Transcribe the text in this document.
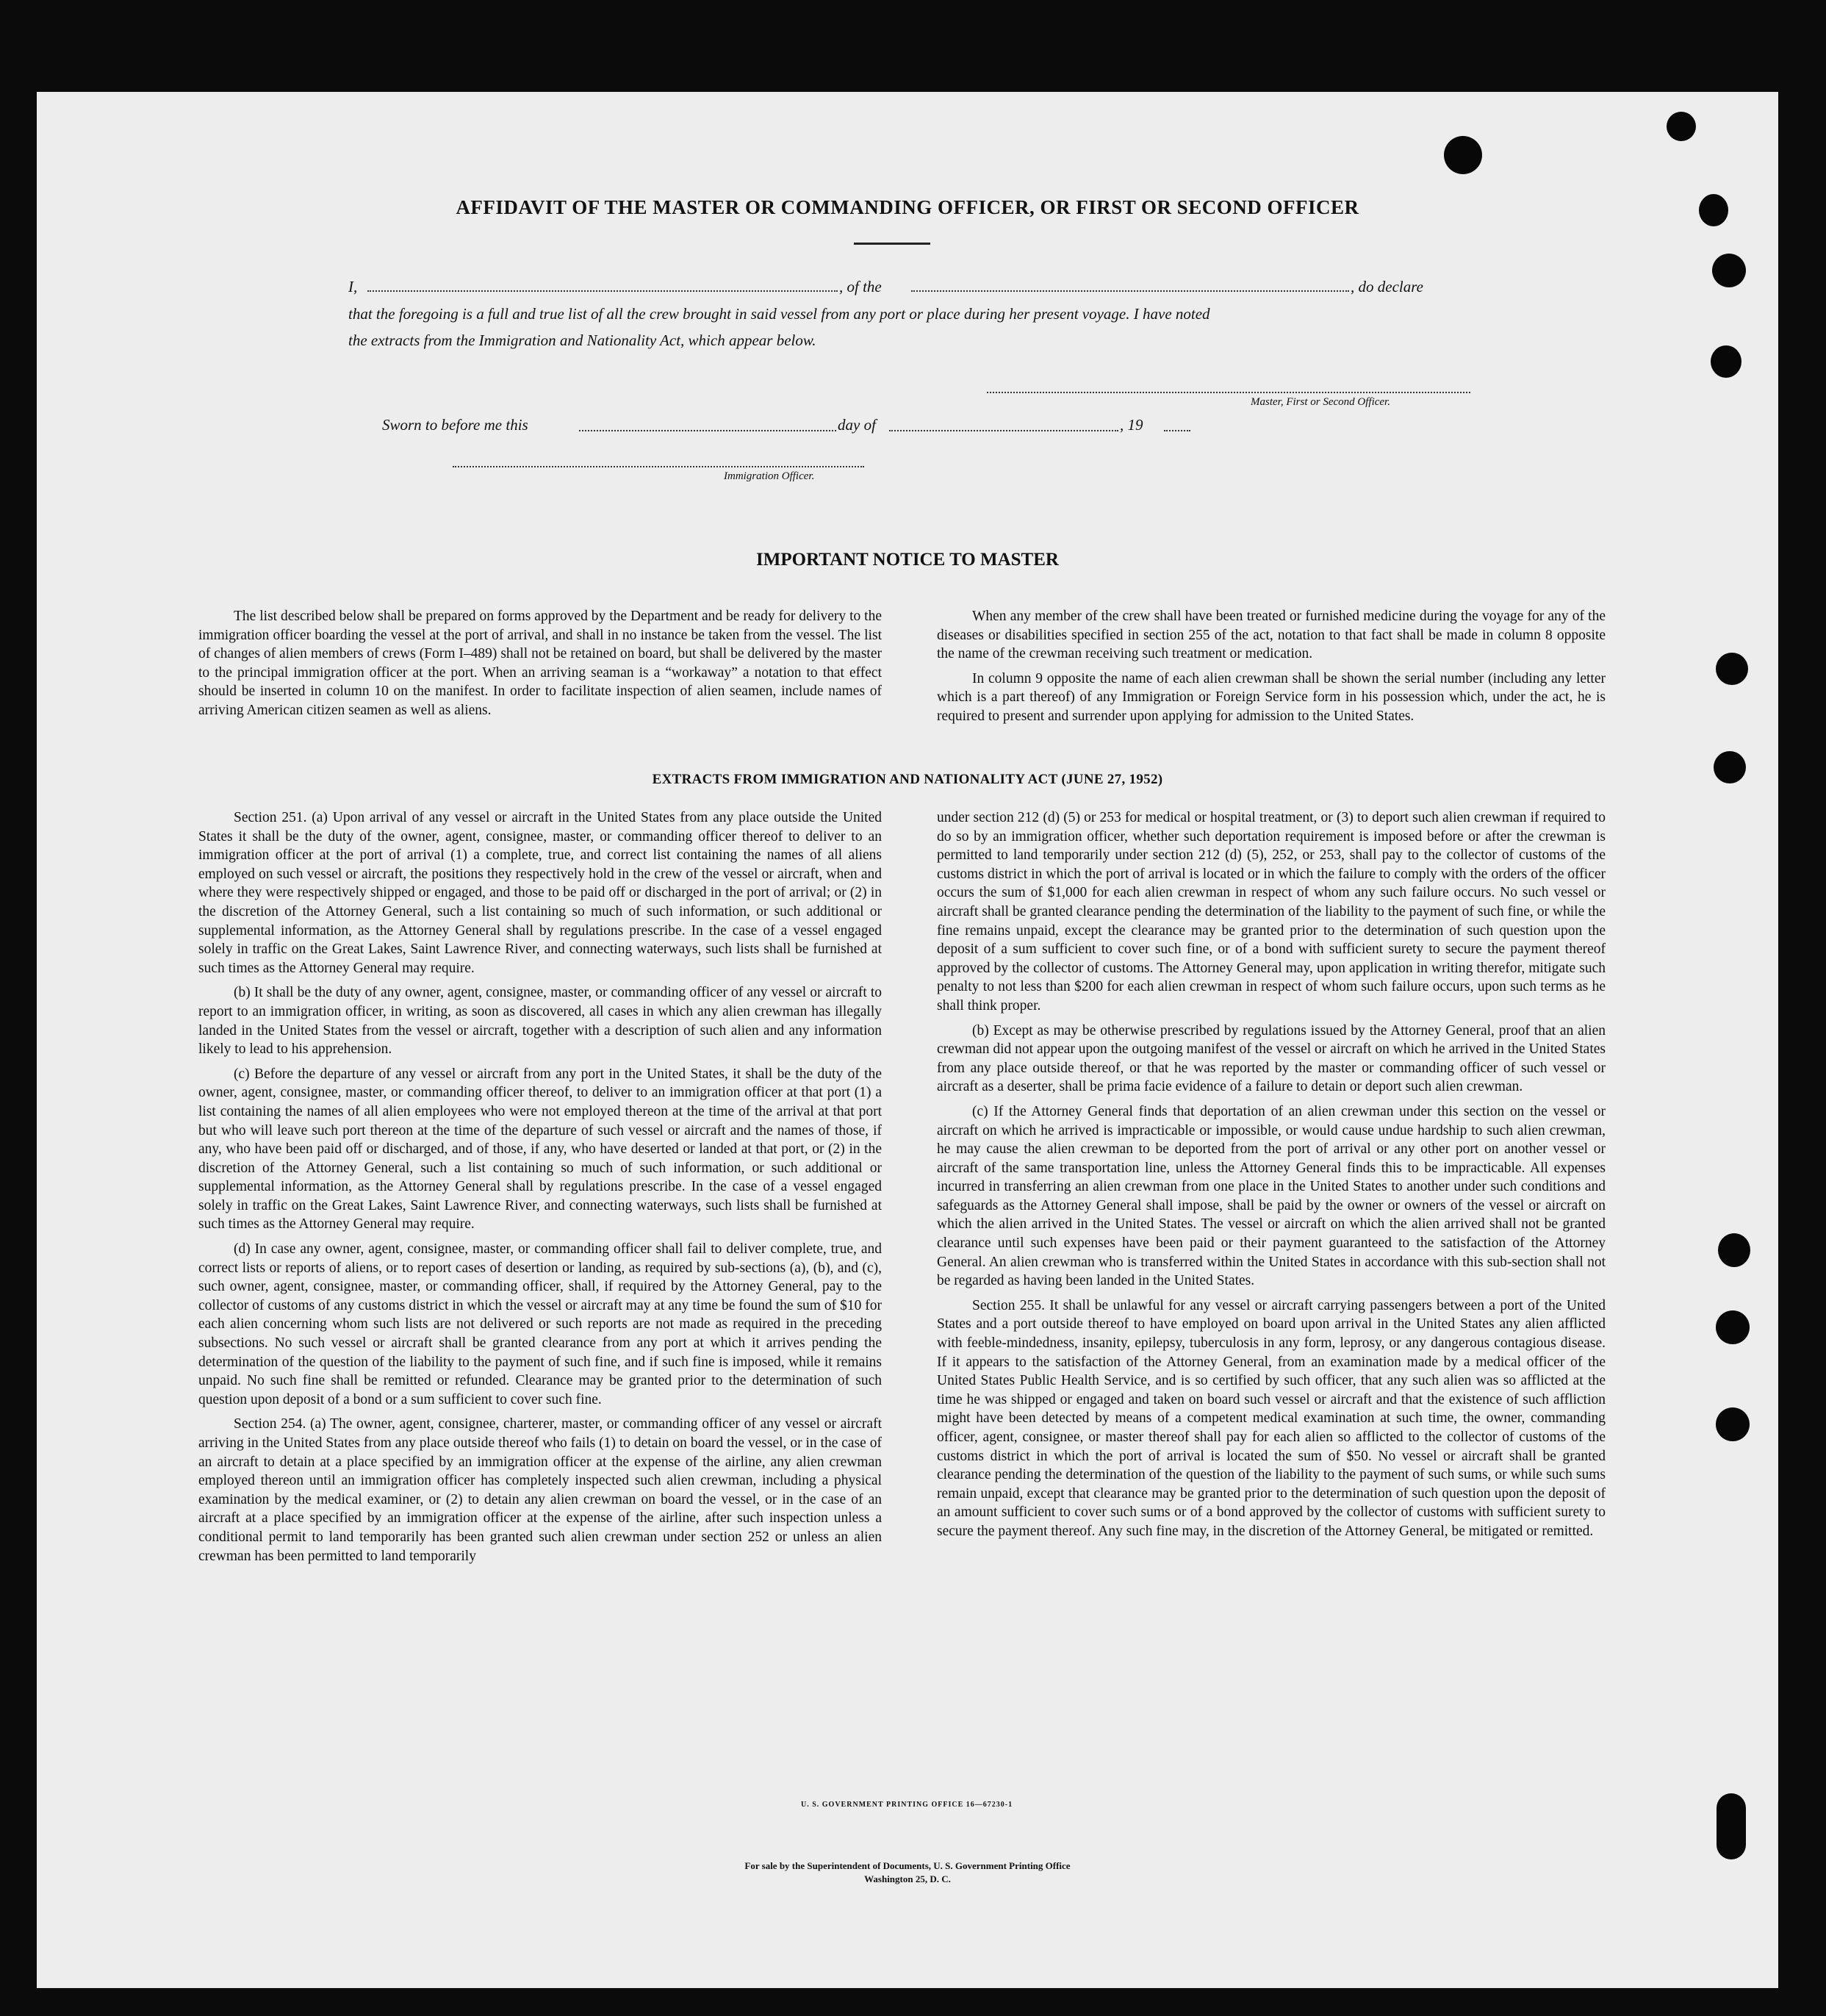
AFFIDAVIT OF THE MASTER OR COMMANDING OFFICER, OR FIRST OR SECOND OFFICER
I,	, of the	, do declare
that the foregoing is a full and true list of all the crew brought in said vessel from any port or place during her present voyage. I have noted
the extracts from the Immigration and Nationality Act, which appear below.
Master, First or Second Officer.
Sworn to before me this	day of	, 19
Immigration Officer.
IMPORTANT NOTICE TO MASTER

The list described below shall be prepared on forms approved by the Department and be ready for delivery to the immigration officer boarding the vessel at the port of arrival, and shall in no instance be taken from the vessel. The list of changes of alien members of crews (Form I–489) shall not be retained on board, but shall be delivered by the master to the principal immigration officer at the port. When an arriving seaman is a “workaway” a notation to that effect should be inserted in column 10 on the manifest. In order to facilitate inspection of alien seamen, include names of arriving American citizen seamen as well as aliens.

When any member of the crew shall have been treated or furnished medicine during the voyage for any of the diseases or disabilities specified in section 255 of the act, notation to that fact shall be made in column 8 opposite the name of the crewman receiving such treatment or medication.

In column 9 opposite the name of each alien crewman shall be shown the serial number (including any letter which is a part thereof) of any Immigration or Foreign Service form in his possession which, under the act, he is required to present and surrender upon applying for admission to the United States.

EXTRACTS FROM IMMIGRATION AND NATIONALITY ACT (JUNE 27, 1952)

Section 251. (a) Upon arrival of any vessel or aircraft in the United States from any place outside the United States it shall be the duty of the owner, agent, consignee, master, or commanding officer thereof to deliver to an immigration officer at the port of arrival (1) a complete, true, and correct list containing the names of all aliens employed on such vessel or aircraft, the positions they respectively hold in the crew of the vessel or aircraft, when and where they were respectively shipped or engaged, and those to be paid off or discharged in the port of arrival; or (2) in the discretion of the Attorney General, such a list containing so much of such information, or such additional or supplemental information, as the Attorney General shall by regulations prescribe. In the case of a vessel engaged solely in traffic on the Great Lakes, Saint Lawrence River, and connecting waterways, such lists shall be furnished at such times as the Attorney General may require.

(b) It shall be the duty of any owner, agent, consignee, master, or commanding officer of any vessel or aircraft to report to an immigration officer, in writing, as soon as discovered, all cases in which any alien crewman has illegally landed in the United States from the vessel or aircraft, together with a description of such alien and any information likely to lead to his apprehension.

(c) Before the departure of any vessel or aircraft from any port in the United States, it shall be the duty of the owner, agent, consignee, master, or commanding officer thereof, to deliver to an immigration officer at that port (1) a list containing the names of all alien employees who were not employed thereon at the time of the arrival at that port but who will leave such port thereon at the time of the departure of such vessel or aircraft and the names of those, if any, who have been paid off or discharged, and of those, if any, who have deserted or landed at that port, or (2) in the discretion of the Attorney General, such a list containing so much of such information, or such additional or supplemental information, as the Attorney General shall by regulations prescribe. In the case of a vessel engaged solely in traffic on the Great Lakes, Saint Lawrence River, and connecting waterways, such lists shall be furnished at such times as the Attorney General may require.

(d) In case any owner, agent, consignee, master, or commanding officer shall fail to deliver complete, true, and correct lists or reports of aliens, or to report cases of desertion or landing, as required by sub-sections (a), (b), and (c), such owner, agent, consignee, master, or commanding officer, shall, if required by the Attorney General, pay to the collector of customs of any customs district in which the vessel or aircraft may at any time be found the sum of $10 for each alien concerning whom such lists are not delivered or such reports are not made as required in the preceding subsections. No such vessel or aircraft shall be granted clearance from any port at which it arrives pending the determination of the question of the liability to the payment of such fine, and if such fine is imposed, while it remains unpaid. No such fine shall be remitted or refunded. Clearance may be granted prior to the determination of such question upon deposit of a bond or a sum sufficient to cover such fine.

Section 254. (a) The owner, agent, consignee, charterer, master, or commanding officer of any vessel or aircraft arriving in the United States from any place outside thereof who fails (1) to detain on board the vessel, or in the case of an aircraft to detain at a place specified by an immigration officer at the expense of the airline, any alien crewman employed thereon until an immigration officer has completely inspected such alien crewman, including a physical examination by the medical examiner, or (2) to detain any alien crewman on board the vessel, or in the case of an aircraft at a place specified by an immigration officer at the expense of the airline, after such inspection unless a conditional permit to land temporarily has been granted such alien crewman under section 252 or unless an alien crewman has been permitted to land temporarily

under section 212 (d) (5) or 253 for medical or hospital treatment, or (3) to deport such alien crewman if required to do so by an immigration officer, whether such deportation requirement is imposed before or after the crewman is permitted to land temporarily under section 212 (d) (5), 252, or 253, shall pay to the collector of customs of the customs district in which the port of arrival is located or in which the failure to comply with the orders of the officer occurs the sum of $1,000 for each alien crewman in respect of whom any such failure occurs. No such vessel or aircraft shall be granted clearance pending the determination of the liability to the payment of such fine, or while the fine remains unpaid, except the clearance may be granted prior to the determination of such question upon the deposit of a sum sufficient to cover such fine, or of a bond with sufficient surety to secure the payment thereof approved by the collector of customs. The Attorney General may, upon application in writing therefor, mitigate such penalty to not less than $200 for each alien crewman in respect of whom such failure occurs, upon such terms as he shall think proper.

(b) Except as may be otherwise prescribed by regulations issued by the Attorney General, proof that an alien crewman did not appear upon the outgoing manifest of the vessel or aircraft on which he arrived in the United States from any place outside thereof, or that he was reported by the master or commanding officer of such vessel or aircraft as a deserter, shall be prima facie evidence of a failure to detain or deport such alien crewman.

(c) If the Attorney General finds that deportation of an alien crewman under this section on the vessel or aircraft on which he arrived is impracticable or impossible, or would cause undue hardship to such alien crewman, he may cause the alien crewman to be deported from the port of arrival or any other port on another vessel or aircraft of the same transportation line, unless the Attorney General finds this to be impracticable. All expenses incurred in transferring an alien crewman from one place in the United States to another under such conditions and safeguards as the Attorney General shall impose, shall be paid by the owner or owners of the vessel or aircraft on which the alien arrived in the United States. The vessel or aircraft on which the alien arrived shall not be granted clearance until such expenses have been paid or their payment guaranteed to the satisfaction of the Attorney General. An alien crewman who is transferred within the United States in accordance with this sub-section shall not be regarded as having been landed in the United States.

Section 255. It shall be unlawful for any vessel or aircraft carrying passengers between a port of the United States and a port outside thereof to have employed on board upon arrival in the United States any alien afflicted with feeble-mindedness, insanity, epilepsy, tuberculosis in any form, leprosy, or any dangerous contagious disease. If it appears to the satisfaction of the Attorney General, from an examination made by a medical officer of the United States Public Health Service, and is so certified by such officer, that any such alien was so afflicted at the time he was shipped or engaged and taken on board such vessel or aircraft and that the existence of such affliction might have been detected by means of a competent medical examination at such time, the owner, commanding officer, agent, consignee, or master thereof shall pay for each alien so afflicted to the collector of customs of the customs district in which the port of arrival is located the sum of $50. No vessel or aircraft shall be granted clearance pending the determination of the question of the liability to the payment of such sums, or while such sums remain unpaid, except that clearance may be granted prior to the determination of such question upon the deposit of an amount sufficient to cover such sums or of a bond approved by the collector of customs with sufficient surety to secure the payment thereof. Any such fine may, in the discretion of the Attorney General, be mitigated or remitted.

U. S. GOVERNMENT PRINTING OFFICE 16—67230-1
For sale by the Superintendent of Documents, U. S. Government Printing Office
Washington 25, D. C.
